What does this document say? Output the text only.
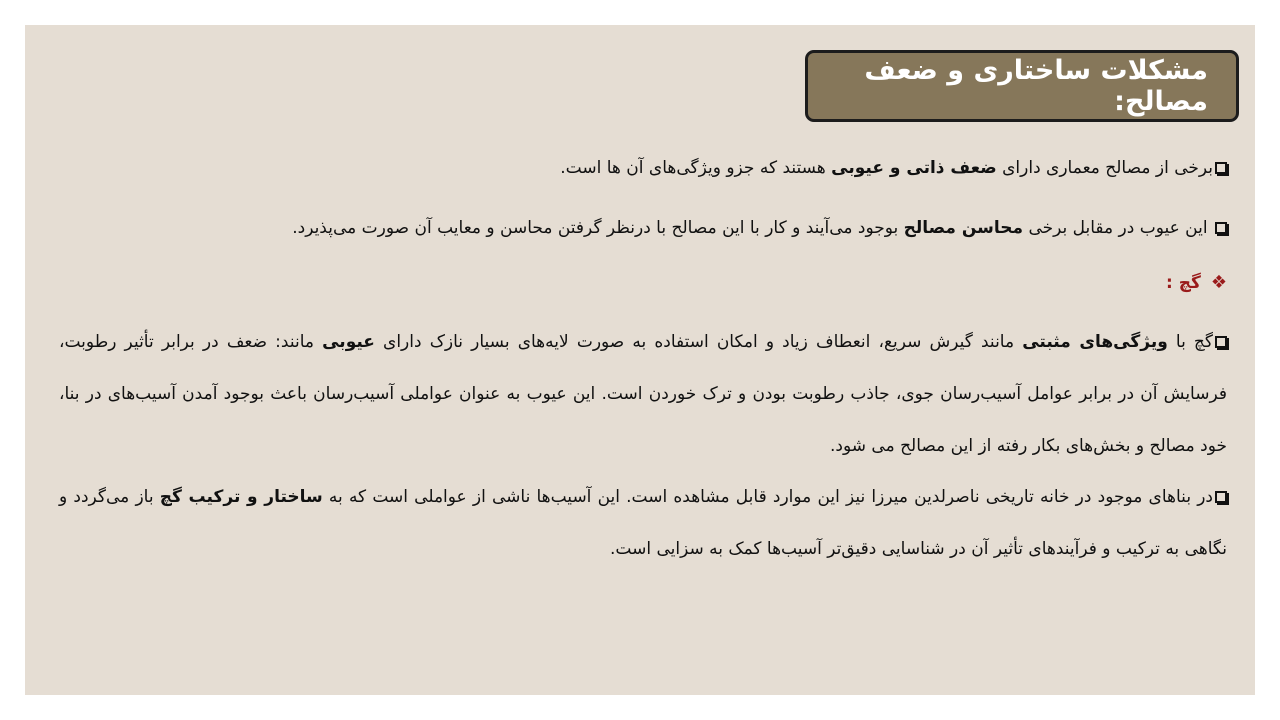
مشکلات ساختاری و ضعف مصالح:

برخی از مصالح معماری دارای ضعف ذاتی و عیوبی هستند که جزو ویژگی‌های آن ها است.

این عیوب در مقابل برخی محاسن مصالح بوجود می‌آیند و کار با این مصالح با درنظر گرفتن محاسن و معایب آن صورت می‌پذیرد.

❖گچ :

گچ با ویژگی‌های مثبتی مانند گیرش سریع، انعطاف زیاد و امکان استفاده به صورت لایه‌های بسیار نازک دارای عیوبی مانند: ضعف در برابر تأثیر رطوبت، فرسایش آن در برابر عوامل آسیب‌رسان جوی، جاذب رطوبت بودن و ترک خوردن است. این عیوب به عنوان عواملی آسیب‌رسان باعث بوجود آمدن آسیب‌های در بنا، خود مصالح و بخش‌های بکار رفته از این مصالح می شود.

در بناهای موجود در خانه تاریخی ناصرلدین میرزا نیز این موارد قابل مشاهده است. این آسیب‌ها ناشی از عواملی است که به ساختار و ترکیب گچ باز می‌گردد و نگاهی به ترکیب و فرآیندهای تأثیر آن در شناسایی دقیق‌تر آسیب‌ها کمک به سزایی است.
